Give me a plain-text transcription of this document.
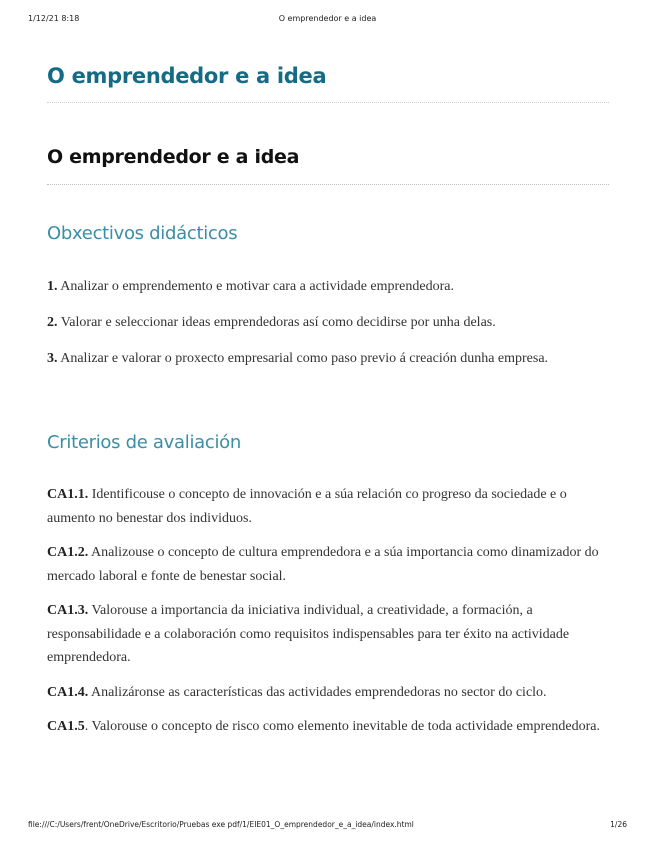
1/12/21 8:18	O emprendedor e a idea
O emprendedor e a idea
O emprendedor e a idea
Obxectivos didácticos

1. Analizar o emprendemento e motivar cara a actividade emprendedora.

2. Valorar e seleccionar ideas emprendedoras así como decidirse por unha delas.

3. Analizar e valorar o proxecto empresarial como paso previo á creación dunha empresa.

Criterios de avaliación

CA1.1. Identificouse o concepto de innovación e a súa relación co progreso da sociedade e o aumento no benestar dos individuos.

CA1.2. Analizouse o concepto de cultura emprendedora e a súa importancia como dinamizador do mercado laboral e fonte de benestar social.

CA1.3. Valorouse a importancia da iniciativa individual, a creatividade, a formación, a responsabilidade e a colaboración como requisitos indispensables para ter éxito na actividade emprendedora.

CA1.4. Analizáronse as características das actividades emprendedoras no sector do ciclo.

CA1.5. Valorouse o concepto de risco como elemento inevitable de toda actividade emprendedora.

file:///C:/Users/frent/OneDrive/Escritorio/Pruebas exe pdf/1/EIE01_O_emprendedor_e_a_idea/index.html	1/26
